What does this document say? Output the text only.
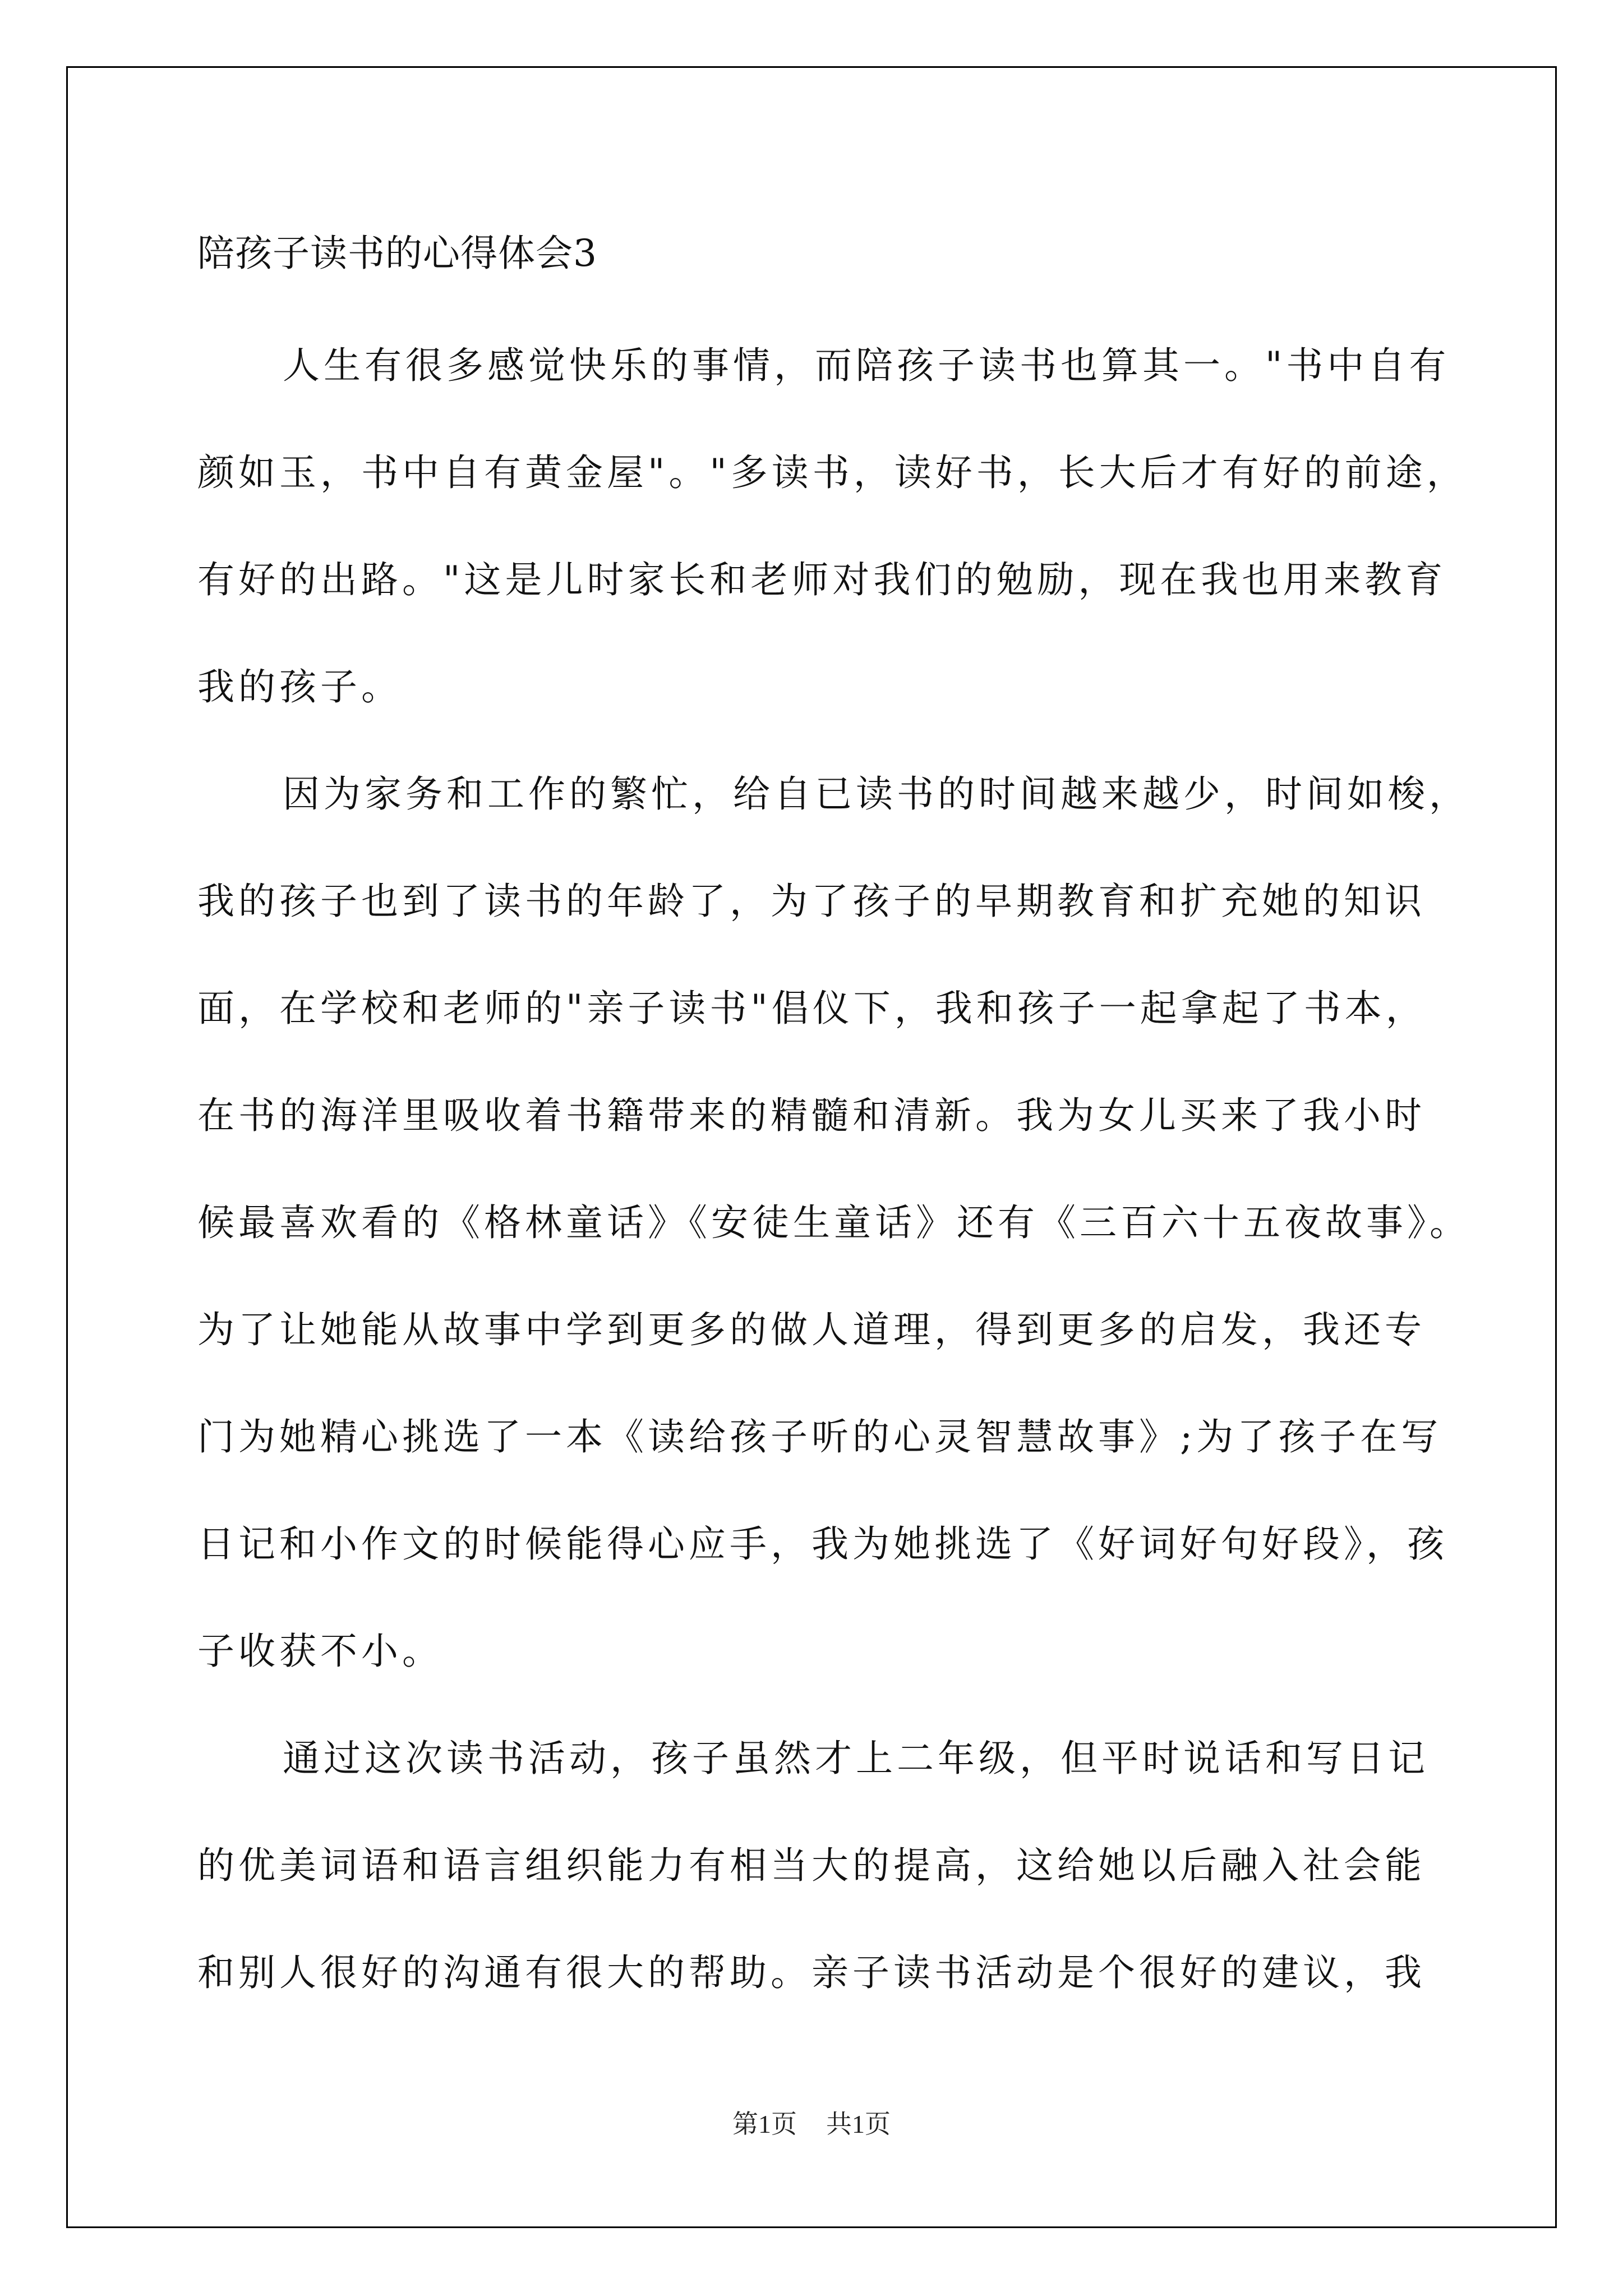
陪孩子读书的心得体会3
人生有很多感觉快乐的事情，而陪孩子读书也算其一。"书中自有
颜如玉，书中自有黄金屋"。"多读书，读好书，长大后才有好的前途，
有好的出路。"这是儿时家长和老师对我们的勉励，现在我也用来教育
我的孩子。
因为家务和工作的繁忙，给自已读书的时间越来越少，时间如梭，
我的孩子也到了读书的年龄了，为了孩子的早期教育和扩充她的知识
面，在学校和老师的"亲子读书"倡仪下，我和孩子一起拿起了书本，
在书的海洋里吸收着书籍带来的精髓和清新。我为女儿买来了我小时
候最喜欢看的《格林童话》《安徒生童话》还有《三百六十五夜故事》。
为了让她能从故事中学到更多的做人道理，得到更多的启发，我还专
门为她精心挑选了一本《读给孩子听的心灵智慧故事》;为了孩子在写
日记和小作文的时候能得心应手，我为她挑选了《好词好句好段》，孩
子收获不小。
通过这次读书活动，孩子虽然才上二年级，但平时说话和写日记
的优美词语和语言组织能力有相当大的提高，这给她以后融入社会能
和别人很好的沟通有很大的帮助。亲子读书活动是个很好的建议，我
第1页 共1页
